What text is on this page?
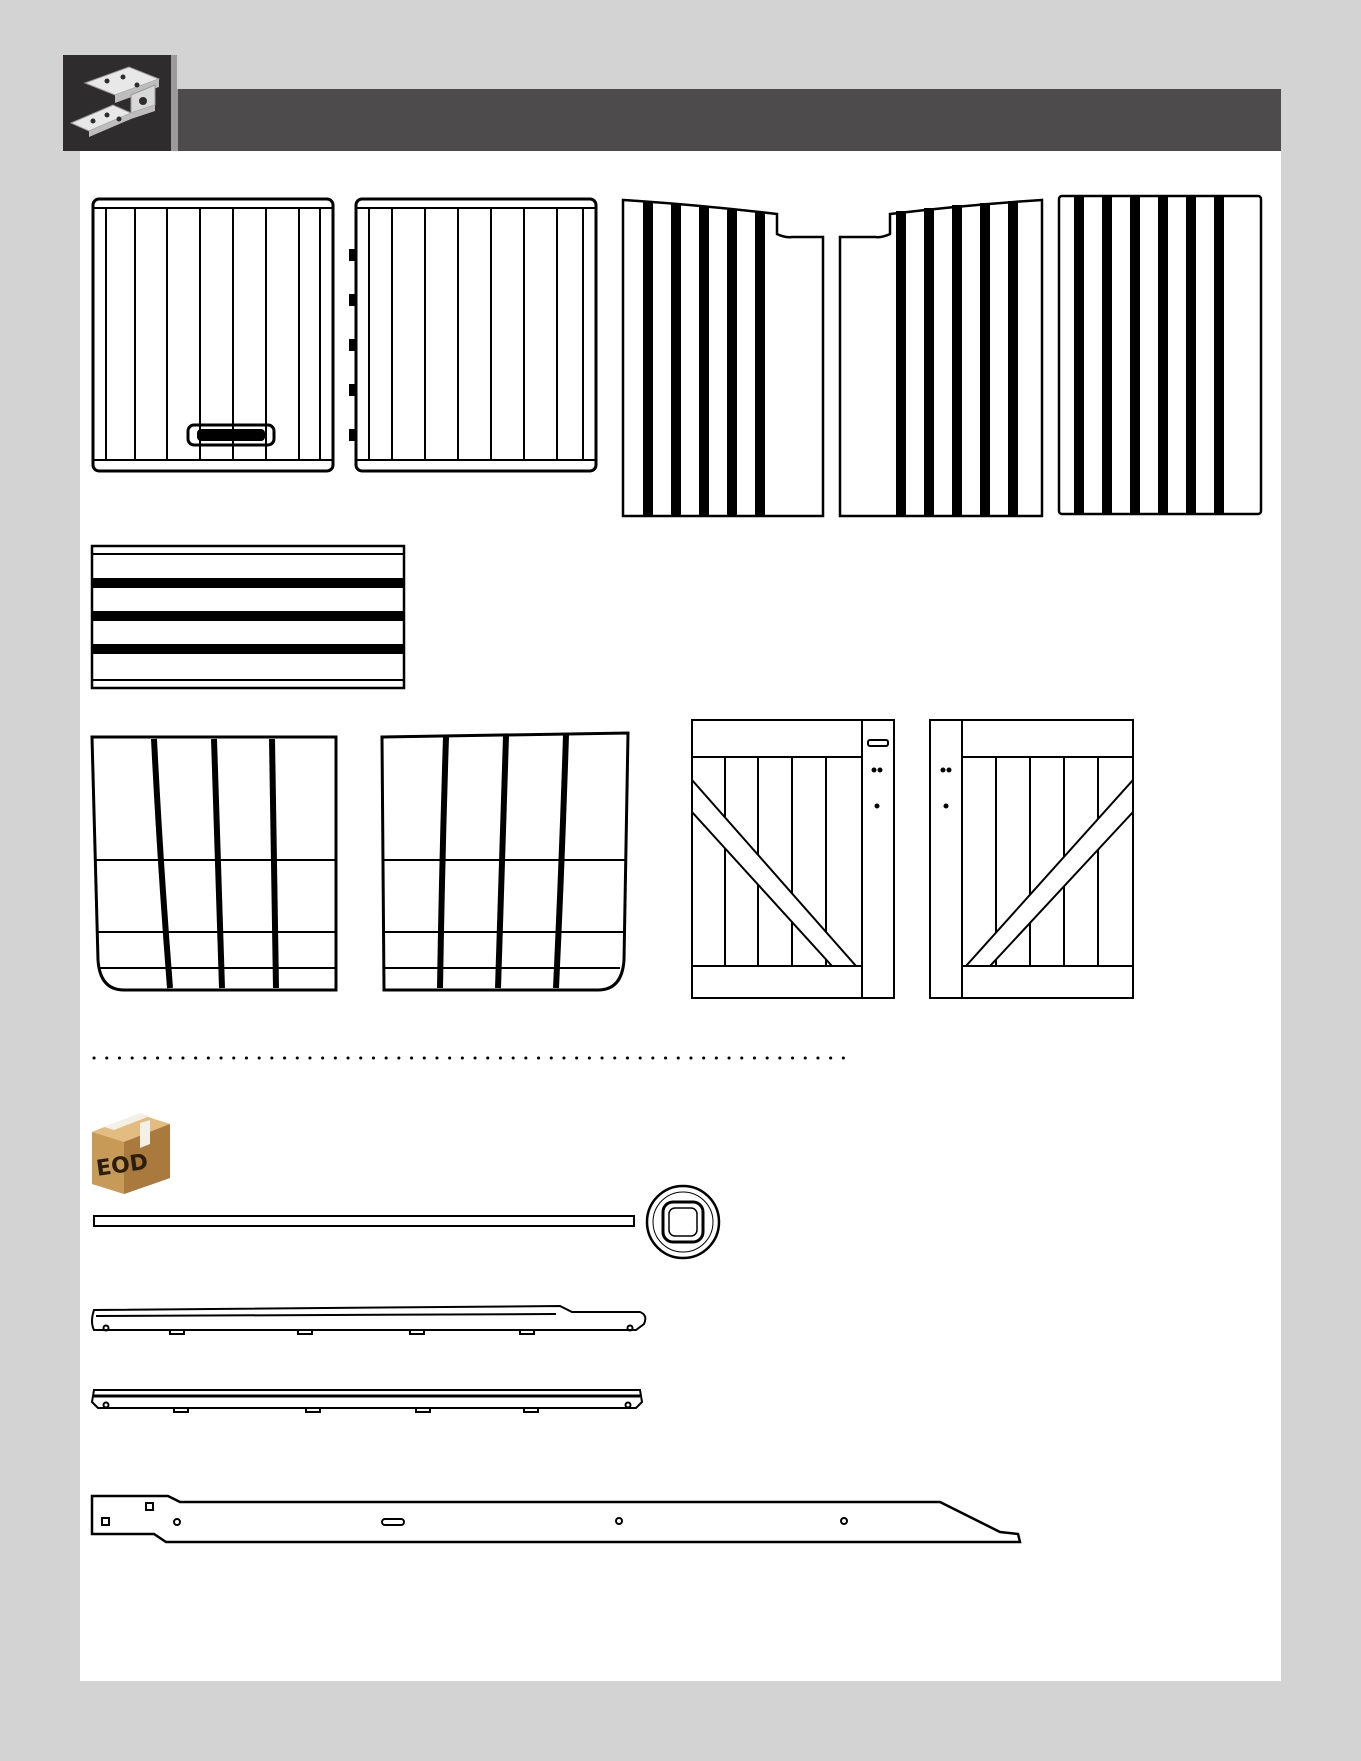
EOD
